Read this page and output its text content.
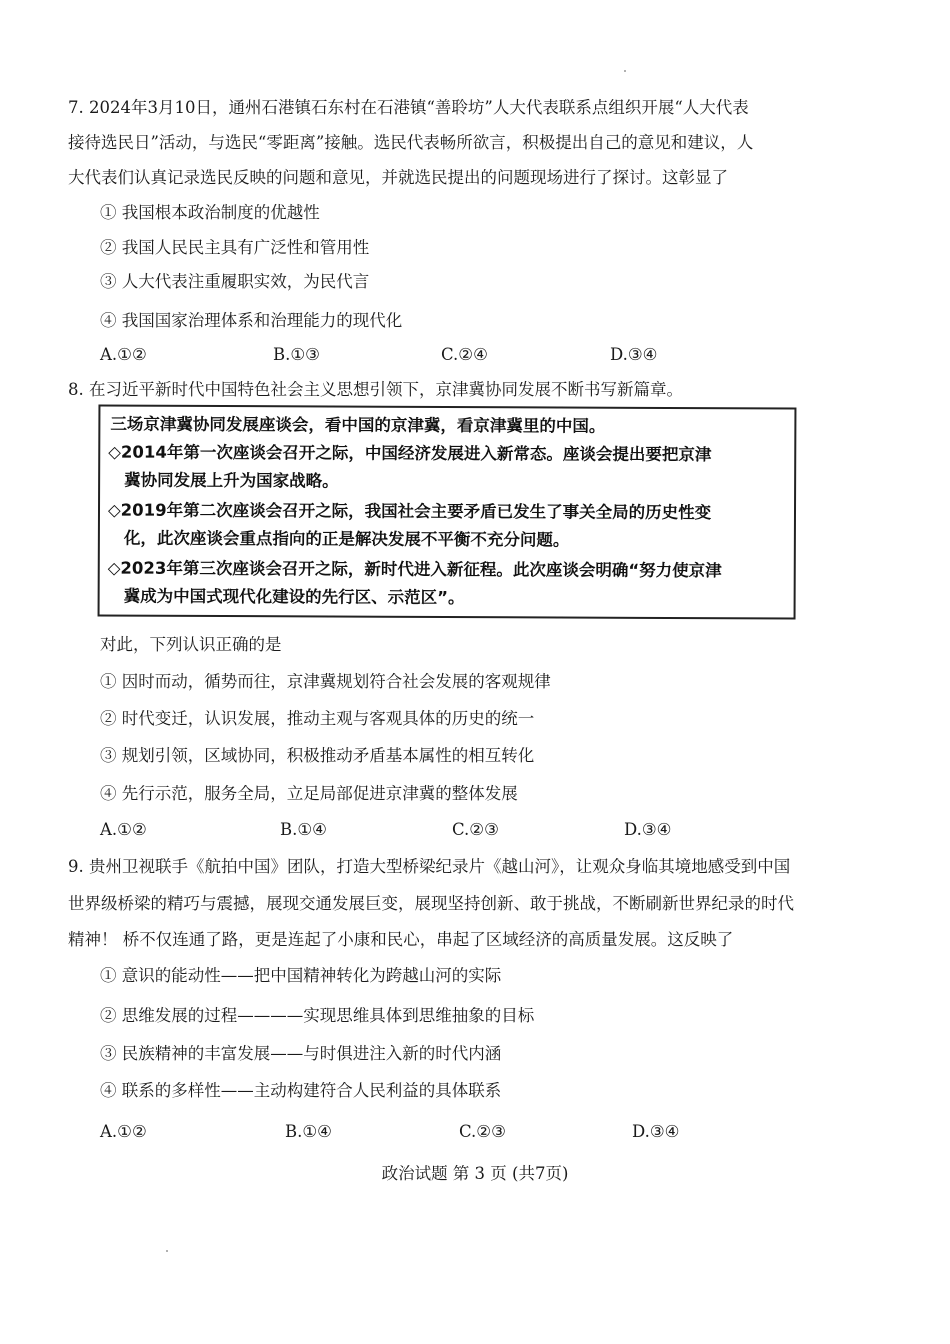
7. 2024年3月10日，通州石港镇石东村在石港镇“善聆坊”人大代表联系点组织开展“人大代表
接待选民日”活动，与选民“零距离”接触。选民代表畅所欲言，积极提出自己的意见和建议，人
大代表们认真记录选民反映的问题和意见，并就选民提出的问题现场进行了探讨。这彰显了
① 我国根本政治制度的优越性
② 我国人民民主具有广泛性和管用性
③ 人大代表注重履职实效，为民代言
④ 我国国家治理体系和治理能力的现代化
A.①②	B.①③	C.②④	D.③④
8. 在习近平新时代中国特色社会主义思想引领下，京津冀协同发展不断书写新篇章。
三场京津冀协同发展座谈会，看中国的京津冀，看京津冀里的中国。
◇2014年第一次座谈会召开之际，中国经济发展进入新常态。座谈会提出要把京津
冀协同发展上升为国家战略。
◇2019年第二次座谈会召开之际，我国社会主要矛盾已发生了事关全局的历史性变
化，此次座谈会重点指向的正是解决发展不平衡不充分问题。
◇2023年第三次座谈会召开之际，新时代进入新征程。此次座谈会明确“努力使京津
冀成为中国式现代化建设的先行区、示范区”。
对此，下列认识正确的是
① 因时而动，循势而往，京津冀规划符合社会发展的客观规律
② 时代变迁，认识发展，推动主观与客观具体的历史的统一
③ 规划引领，区域协同，积极推动矛盾基本属性的相互转化
④ 先行示范，服务全局，立足局部促进京津冀的整体发展
A.①②	B.①④	C.②③	D.③④
9. 贵州卫视联手《航拍中国》团队，打造大型桥梁纪录片《越山河》，让观众身临其境地感受到中国
世界级桥梁的精巧与震撼，展现交通发展巨变，展现坚持创新、敢于挑战，不断刷新世界纪录的时代
精神！ 桥不仅连通了路，更是连起了小康和民心，串起了区域经济的高质量发展。这反映了
① 意识的能动性——把中国精神转化为跨越山河的实际
② 思维发展的过程————实现思维具体到思维抽象的目标
③ 民族精神的丰富发展——与时俱进注入新的时代内涵
④ 联系的多样性——主动构建符合人民利益的具体联系
A.①②	B.①④	C.②③	D.③④
政治试题 第 3 页 (共7页)
